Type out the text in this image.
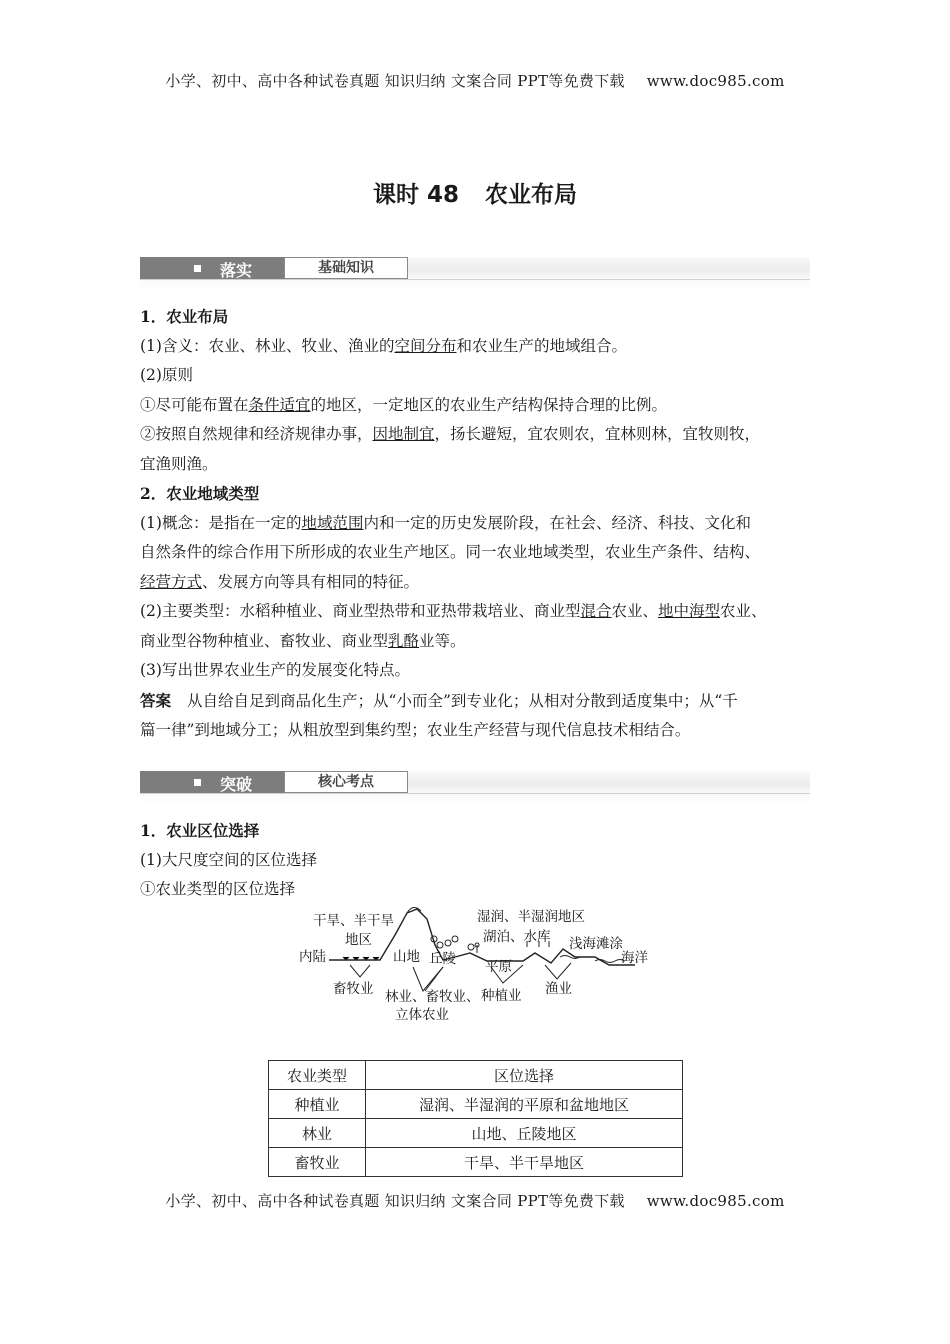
小学、初中、高中各种试卷真题 知识归纳 文案合同 PPT等免费下载 www.doc985.com
课时 48 农业布局
落实	基础知识

1．农业布局

(1)含义：农业、林业、牧业、渔业的空间分布和农业生产的地域组合。

(2)原则

①尽可能布置在条件适宜的地区，一定地区的农业生产结构保持合理的比例。

②按照自然规律和经济规律办事，因地制宜，扬长避短，宜农则农，宜林则林，宜牧则牧，

宜渔则渔。

2．农业地域类型

(1)概念：是指在一定的地域范围内和一定的历史发展阶段，在社会、经济、科技、文化和

自然条件的综合作用下所形成的农业生产地区。同一农业地域类型，农业生产条件、结构、

经营方式、发展方向等具有相同的特征。

(2)主要类型：水稻种植业、商业型热带和亚热带栽培业、商业型混合农业、地中海型农业、

商业型谷物种植业、畜牧业、商业型乳酪业等。

(3)写出世界农业生产的发展变化特点。

答案 从自给自足到商品化生产；从“小而全”到专业化；从相对分散到适度集中；从“千

篇一律”到地域分工；从粗放型到集约型；农业生产经营与现代信息技术相结合。

突破	核心考点

1．农业区位选择

(1)大尺度空间的区位选择

①农业类型的区位选择

干旱、半干旱
地区
内陆	山地 丘陵
湿润、半湿润地区
湖泊、水库
平原
浅海滩涂
海洋
畜牧业 林业、畜牧业、
立体农业
种植业 渔业
农业类型	区位选择
种植业	湿润、半湿润的平原和盆地地区
林业	山地、丘陵地区
畜牧业	干旱、半干旱地区
小学、初中、高中各种试卷真题 知识归纳 文案合同 PPT等免费下载 www.doc985.com
